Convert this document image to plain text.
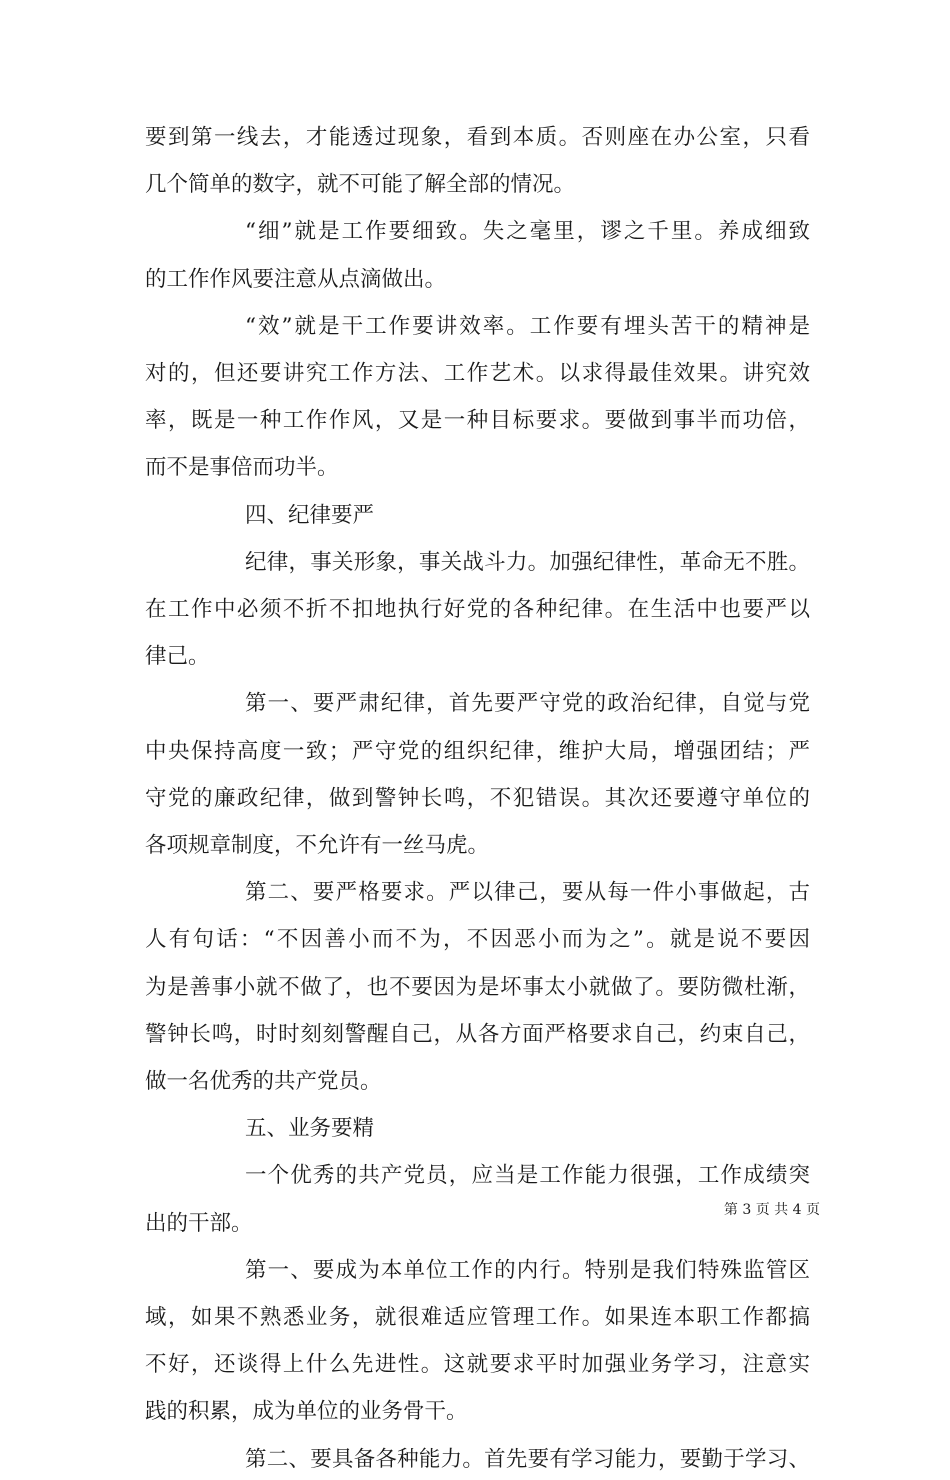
要到第一线去，才能透过现象，看到本质。否则座在办公室，只看
几个简单的数字，就不可能了解全部的情况。
“细”就是工作要细致。失之毫里，谬之千里。养成细致
的工作作风要注意从点滴做出。
“效”就是干工作要讲效率。工作要有埋头苦干的精神是
对的，但还要讲究工作方法、工作艺术。以求得最佳效果。讲究效
率，既是一种工作作风，又是一种目标要求。要做到事半而功倍，
而不是事倍而功半。
四、纪律要严
纪律，事关形象，事关战斗力。加强纪律性，革命无不胜。
在工作中必须不折不扣地执行好党的各种纪律。在生活中也要严以
律己。
第一、要严肃纪律，首先要严守党的政治纪律，自觉与党
中央保持高度一致；严守党的组织纪律，维护大局，增强团结；严
守党的廉政纪律，做到警钟长鸣，不犯错误。其次还要遵守单位的
各项规章制度，不允许有一丝马虎。
第二、要严格要求。严以律己，要从每一件小事做起，古
人有句话：“不因善小而不为，不因恶小而为之”。就是说不要因
为是善事小就不做了，也不要因为是坏事太小就做了。要防微杜渐，
警钟长鸣，时时刻刻警醒自己，从各方面严格要求自己，约束自己，
做一名优秀的共产党员。
五、业务要精
一个优秀的共产党员，应当是工作能力很强，工作成绩突
出的干部。
第一、要成为本单位工作的内行。特别是我们特殊监管区
域，如果不熟悉业务，就很难适应管理工作。如果连本职工作都搞
不好，还谈得上什么先进性。这就要求平时加强业务学习，注意实
践的积累，成为单位的业务骨干。
第二、要具备各种能力。首先要有学习能力，要勤于学习、
第 3 页 共 4 页
